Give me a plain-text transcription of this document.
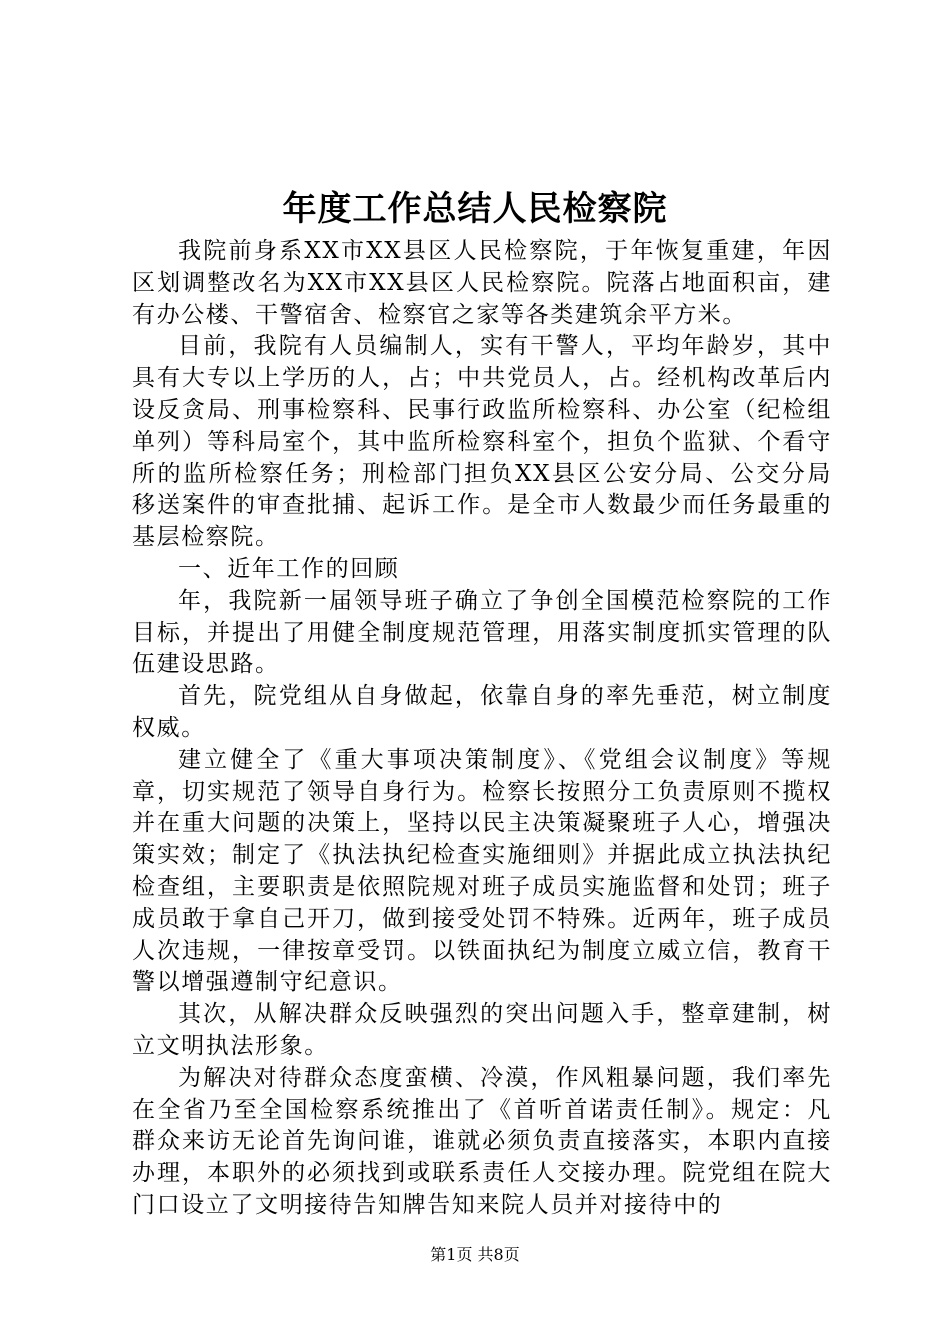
年度工作总结人民检察院

我院前身系XX市XX县区人民检察院，于年恢复重建，年因区划调整改名为XX市XX县区人民检察院。院落占地面积亩，建有办公楼、干警宿舍、检察官之家等各类建筑余平方米。

目前，我院有人员编制人，实有干警人，平均年龄岁，其中具有大专以上学历的人，占；中共党员人，占。经机构改革后内设反贪局、刑事检察科、民事行政监所检察科、办公室（纪检组单列）等科局室个，其中监所检察科室个，担负个监狱、个看守所的监所检察任务；刑检部门担负XX县区公安分局、公交分局移送案件的审查批捕、起诉工作。是全市人数最少而任务最重的基层检察院。

一、近年工作的回顾

年，我院新一届领导班子确立了争创全国模范检察院的工作目标，并提出了用健全制度规范管理，用落实制度抓实管理的队伍建设思路。

首先，院党组从自身做起，依靠自身的率先垂范，树立制度权威。

建立健全了《重大事项决策制度》、《党组会议制度》等规章，切实规范了领导自身行为。检察长按照分工负责原则不揽权并在重大问题的决策上，坚持以民主决策凝聚班子人心，增强决策实效；制定了《执法执纪检查实施细则》并据此成立执法执纪检查组，主要职责是依照院规对班子成员实施监督和处罚；班子成员敢于拿自己开刀，做到接受处罚不特殊。近两年，班子成员人次违规，一律按章受罚。以铁面执纪为制度立威立信，教育干警以增强遵制守纪意识。

其次，从解决群众反映强烈的突出问题入手，整章建制，树立文明执法形象。

为解决对待群众态度蛮横、冷漠，作风粗暴问题，我们率先在全省乃至全国检察系统推出了《首听首诺责任制》。规定：凡群众来访无论首先询问谁，谁就必须负责直接落实，本职内直接办理，本职外的必须找到或联系责任人交接办理。院党组在院大门口设立了文明接待告知牌告知来院人员并对接待中的

第1页 共8页
